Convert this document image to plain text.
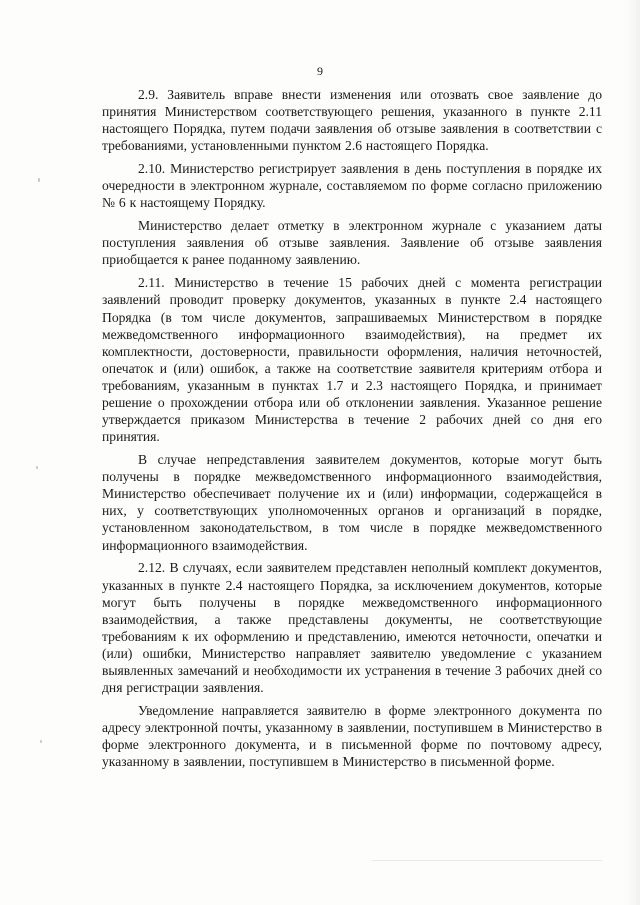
9

2.9. Заявитель вправе внести изменения или отозвать свое заявление до принятия Министерством соответствующего решения, указанного в пункте 2.11 настоящего Порядка, путем подачи заявления об отзыве заявления в соответствии с требованиями, установленными пунктом 2.6 настоящего Порядка.

2.10. Министерство регистрирует заявления в день поступления в порядке их очередности в электронном журнале, составляемом по форме согласно приложению № 6 к настоящему Порядку.

Министерство делает отметку в электронном журнале с указанием даты поступления заявления об отзыве заявления. Заявление об отзыве заявления приобщается к ранее поданному заявлению.

2.11. Министерство в течение 15 рабочих дней с момента регистрации заявлений проводит проверку документов, указанных в пункте 2.4 настоящего Порядка (в том числе документов, запрашиваемых Министерством в порядке межведомственного информационного взаимодействия), на предмет их комплектности, достоверности, правильности оформления, наличия неточностей, опечаток и (или) ошибок, а также на соответствие заявителя критериям отбора и требованиям, указанным в пунктах 1.7 и 2.3 настоящего Порядка, и принимает решение о прохождении отбора или об отклонении заявления. Указанное решение утверждается приказом Министерства в течение 2 рабочих дней со дня его принятия.

В случае непредставления заявителем документов, которые могут быть получены в порядке межведомственного информационного взаимодействия, Министерство обеспечивает получение их и (или) информации, содержащейся в них, у соответствующих уполномоченных органов и организаций в порядке, установленном законодательством, в том числе в порядке межведомственного информационного взаимодействия.

2.12. В случаях, если заявителем представлен неполный комплект документов, указанных в пункте 2.4 настоящего Порядка, за исключением документов, которые могут быть получены в порядке межведомственного информационного взаимодействия, а также представлены документы, не соответствующие требованиям к их оформлению и представлению, имеются неточности, опечатки и (или) ошибки, Министерство направляет заявителю уведомление с указанием выявленных замечаний и необходимости их устранения в течение 3 рабочих дней со дня регистрации заявления.

Уведомление направляется заявителю в форме электронного документа по адресу электронной почты, указанному в заявлении, поступившем в Министерство в форме электронного документа, и в письменной форме по почтовому адресу, указанному в заявлении, поступившем в Министерство в письменной форме.
